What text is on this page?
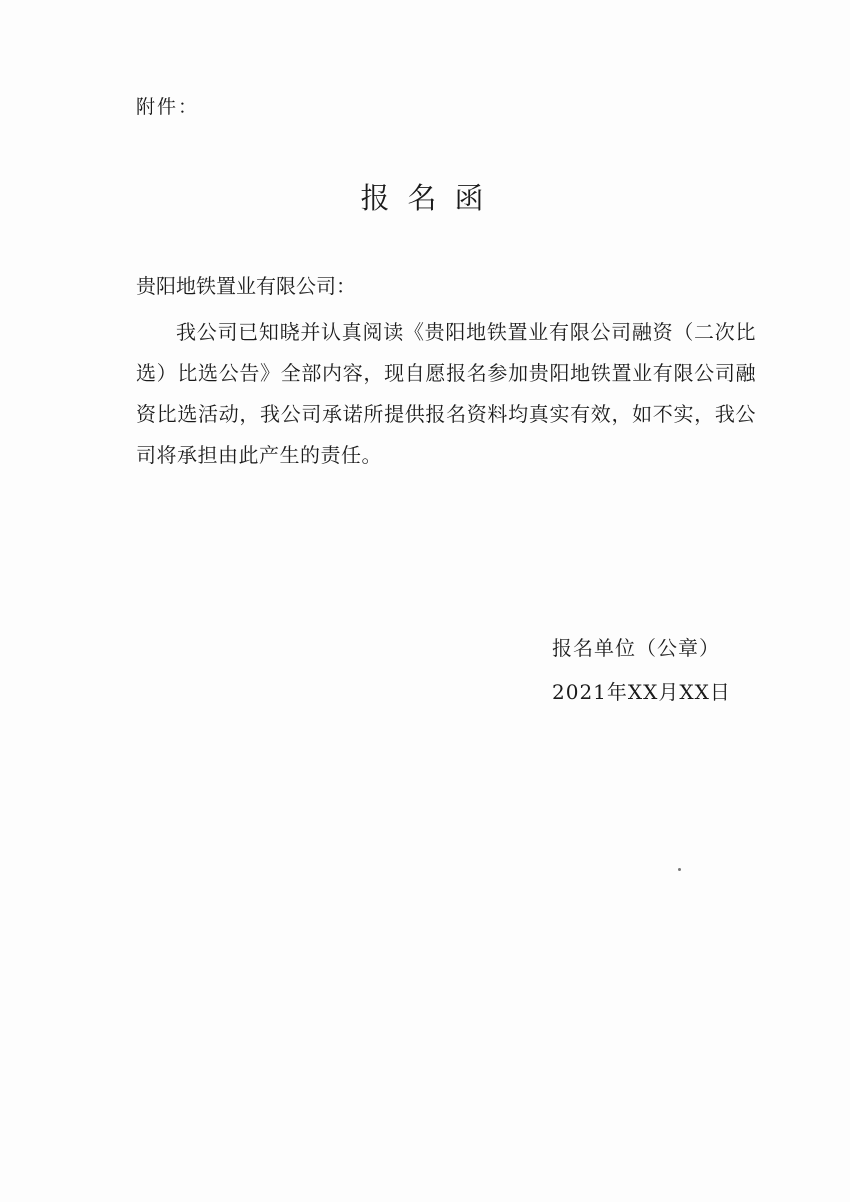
附件：
报名函
贵阳地铁置业有限公司：

我公司已知晓并认真阅读《贵阳地铁置业有限公司融资（二次比选）比选公告》全部内容，现自愿报名参加贵阳地铁置业有限公司融资比选活动，我公司承诺所提供报名资料均真实有效，如不实，我公司将承担由此产生的责任。

报名单位（公章）
2021年XX月XX日
